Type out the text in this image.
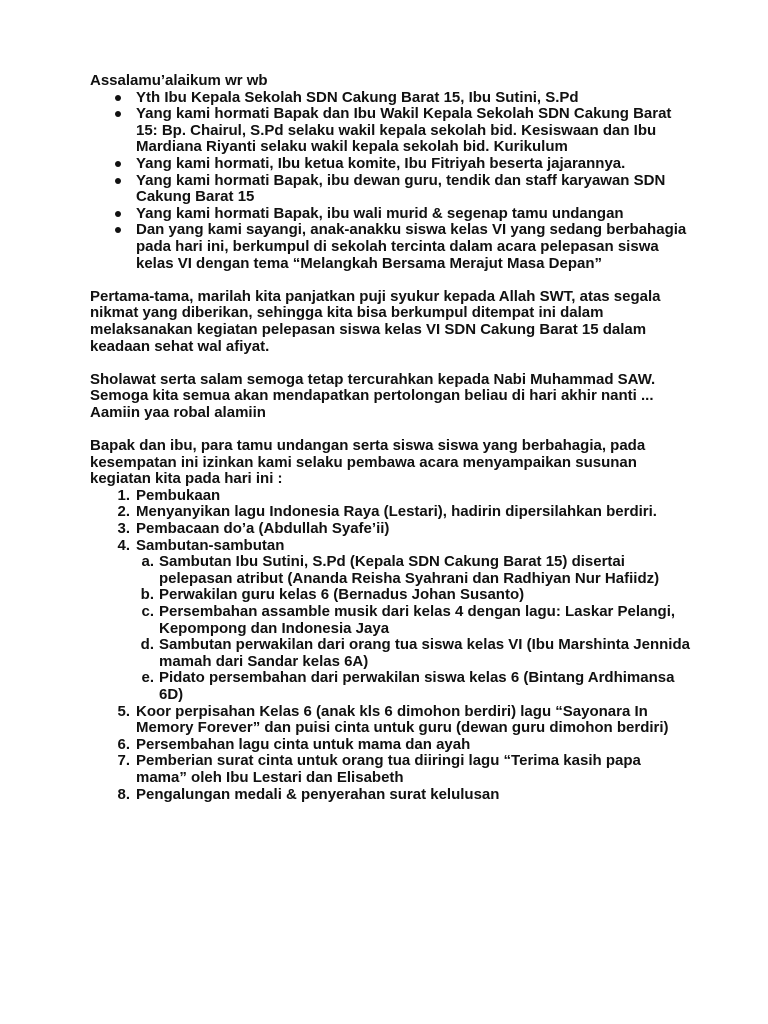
Assalamu’alaikum wr wb

Yth Ibu Kepala Sekolah SDN Cakung Barat 15, Ibu Sutini, S.Pd
Yang kami hormati Bapak dan Ibu Wakil Kepala Sekolah SDN Cakung Barat 15: Bp. Chairul, S.Pd selaku wakil kepala sekolah bid. Kesiswaan dan Ibu Mardiana Riyanti selaku wakil kepala sekolah bid. Kurikulum
Yang kami hormati, Ibu ketua komite, Ibu Fitriyah beserta jajarannya.
Yang kami hormati Bapak, ibu dewan guru, tendik dan staff karyawan SDN Cakung Barat 15
Yang kami hormati Bapak, ibu wali murid & segenap tamu undangan
Dan yang kami sayangi, anak-anakku siswa kelas VI yang sedang berbahagia pada hari ini, berkumpul di sekolah tercinta dalam acara pelepasan siswa kelas VI dengan tema “Melangkah Bersama Merajut Masa Depan”

Pertama-tama, marilah kita panjatkan puji syukur kepada Allah SWT, atas segala nikmat yang diberikan, sehingga kita bisa berkumpul ditempat ini dalam melaksanakan kegiatan pelepasan siswa kelas VI SDN Cakung Barat 15 dalam keadaan sehat wal afiyat.

Sholawat serta salam semoga tetap tercurahkan kepada Nabi Muhammad SAW. Semoga kita semua akan mendapatkan pertolongan beliau di hari akhir nanti ... Aamiin yaa robal alamiin

Bapak dan ibu, para tamu undangan serta siswa siswa yang berbahagia, pada kesempatan ini izinkan kami selaku pembawa acara menyampaikan susunan kegiatan kita pada hari ini :

1. Pembukaan
2. Menyanyikan lagu Indonesia Raya (Lestari), hadirin dipersilahkan berdiri.
3. Pembacaan do’a (Abdullah Syafe’ii)
4. Sambutan-sambutan
a. Sambutan Ibu Sutini, S.Pd (Kepala SDN Cakung Barat 15) disertai pelepasan atribut (Ananda Reisha Syahrani dan Radhiyan Nur Hafiidz)
b. Perwakilan guru kelas 6 (Bernadus Johan Susanto)
c. Persembahan assamble musik dari kelas 4 dengan lagu: Laskar Pelangi, Kepompong dan Indonesia Jaya
d. Sambutan perwakilan dari orang tua siswa kelas VI (Ibu Marshinta Jennida mamah dari Sandar kelas 6A)
e. Pidato persembahan dari perwakilan siswa kelas 6 (Bintang Ardhimansa 6D)
5. Koor perpisahan Kelas 6 (anak kls 6 dimohon berdiri) lagu “Sayonara In Memory Forever” dan puisi cinta untuk guru (dewan guru dimohon berdiri)
6. Persembahan lagu cinta untuk mama dan ayah
7. Pemberian surat cinta untuk orang tua diiringi lagu “Terima kasih papa mama” oleh Ibu Lestari dan Elisabeth
8. Pengalungan medali & penyerahan surat kelulusan
